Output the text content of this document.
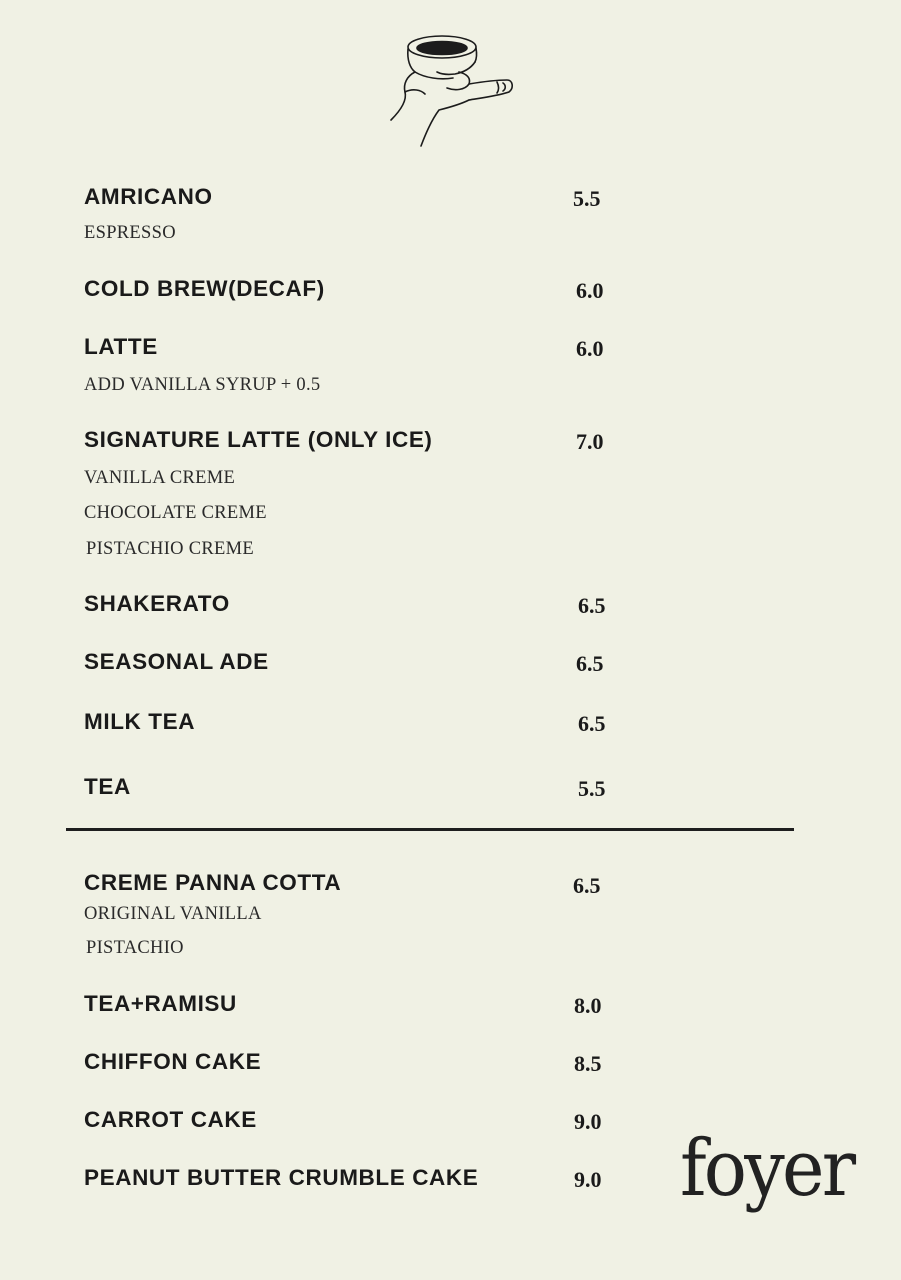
AMRICANO	5.5
ESPRESSO
COLD BREW(DECAF)	6.0
LATTE	6.0
ADD VANILLA SYRUP + 0.5
SIGNATURE LATTE (ONLY ICE)	7.0
VANILLA CREME
CHOCOLATE CREME
PISTACHIO CREME
SHAKERATO	6.5
SEASONAL ADE	6.5
MILK TEA	6.5
TEA	5.5
CREME PANNA COTTA	6.5
ORIGINAL VANILLA
PISTACHIO
TEA+RAMISU	8.0
CHIFFON CAKE	8.5
CARROT CAKE	9.0
PEANUT BUTTER CRUMBLE CAKE	9.0 foyer
